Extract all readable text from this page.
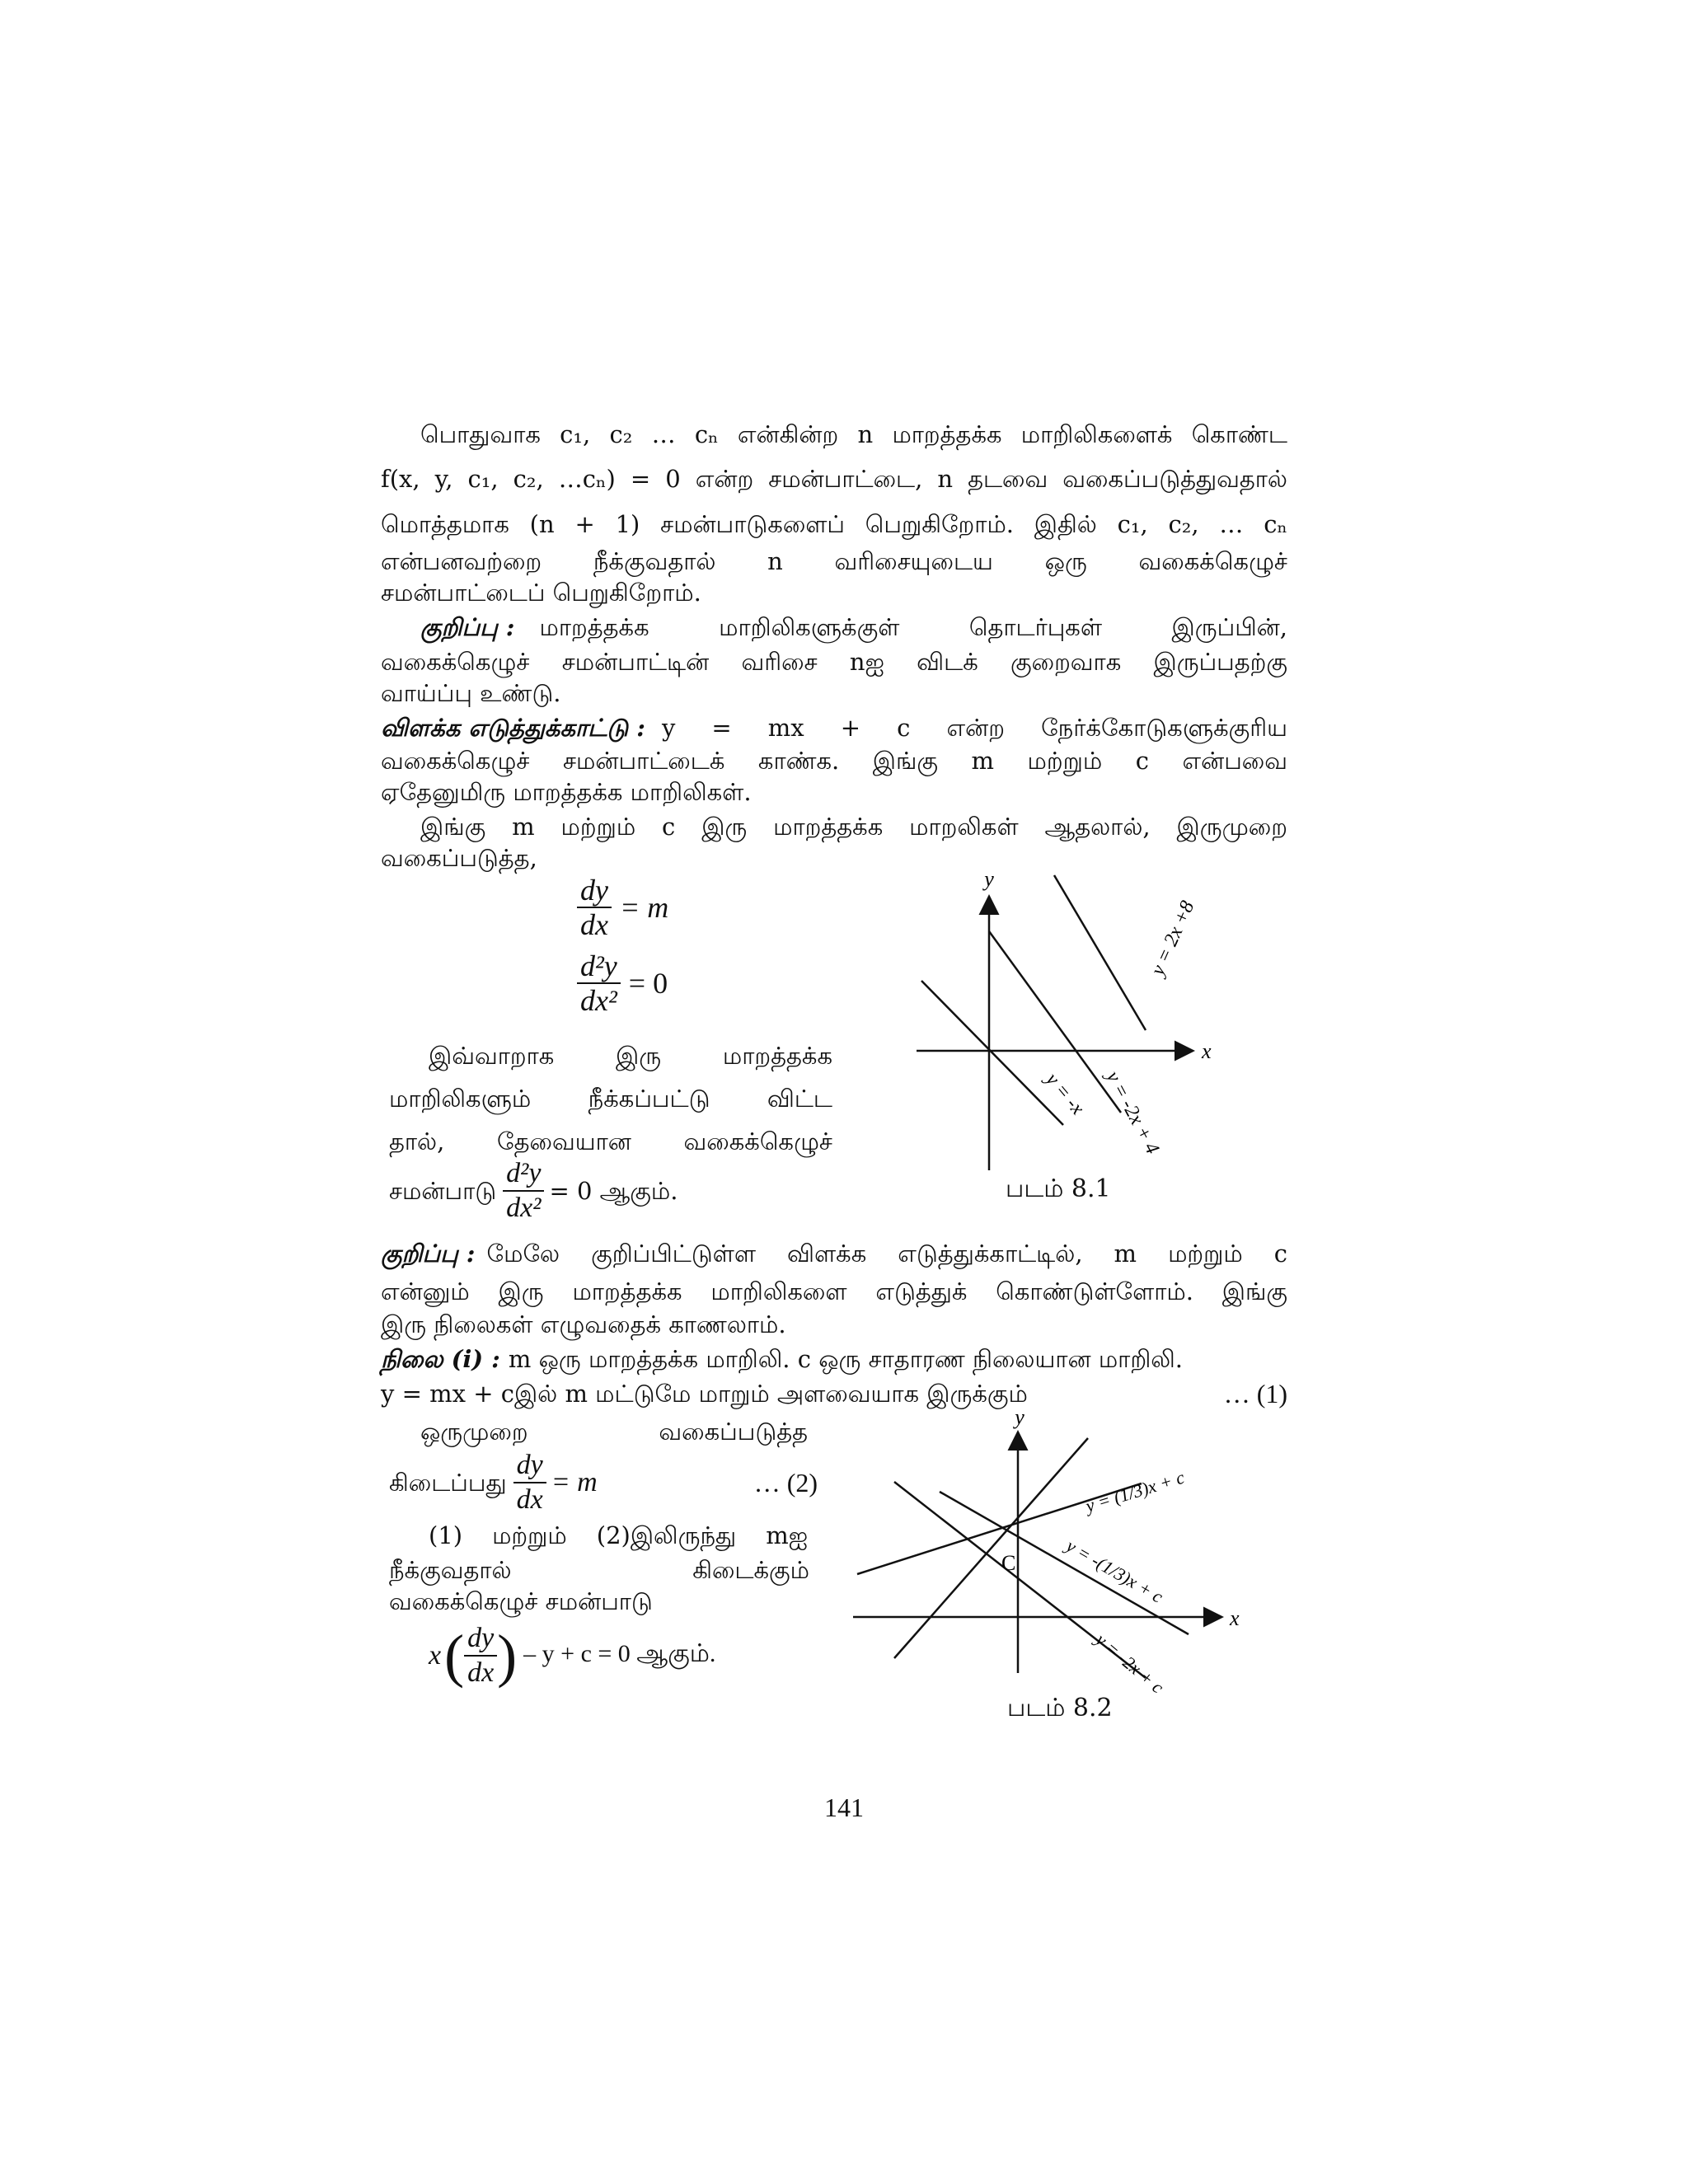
பொதுவாக c₁, c₂ … cₙ என்கின்ற n மாறத்தக்க மாறிலிகளைக் கொண்ட
f(x, y, c₁, c₂, …cₙ) = 0 என்ற சமன்பாட்டை, n தடவை வகைப்படுத்துவதால்
மொத்தமாக (n + 1) சமன்பாடுகளைப் பெறுகிறோம். இதில் c₁, c₂, … cₙ
என்பனவற்றை நீக்குவதால் n வரிசையுடைய ஒரு வகைக்கெழுச்
சமன்பாட்டைப் பெறுகிறோம்.
குறிப்பு : மாறத்தக்க மாறிலிகளுக்குள் தொடர்புகள் இருப்பின்,
வகைக்கெழுச் சமன்பாட்டின் வரிசை nஐ விடக் குறைவாக இருப்பதற்கு
வாய்ப்பு உண்டு.
விளக்க எடுத்துக்காட்டு : y = mx + c என்ற நேர்க்கோடுகளுக்குரிய
வகைக்கெழுச் சமன்பாட்டைக் காண்க. இங்கு m மற்றும் c என்பவை
ஏதேனுமிரு மாறத்தக்க மாறிலிகள்.
இங்கு m மற்றும் c இரு மாறத்தக்க மாறலிகள் ஆதலால், இருமுறை
வகைப்படுத்த,
$\frac{dy}{dx} = m$
$\frac{\text{d²y}}{\text{dx²}} = 0$
இவ்வாறாக இரு மாறத்தக்க
மாறிலிகளும் நீக்கப்பட்டு விட்ட
தால், தேவையான வகைக்கெழுச்
சமன்பாடு $\frac{\text{d²y}}{\text{dx²}} = 0$ ஆகும்.
y
x
y = 2x +8
y = -2x + 4
y = -x
படம் 8.1
குறிப்பு : மேலே குறிப்பிட்டுள்ள விளக்க எடுத்துக்காட்டில், m மற்றும் c
என்னும் இரு மாறத்தக்க மாறிலிகளை எடுத்துக் கொண்டுள்ளோம். இங்கு
இரு நிலைகள் எழுவதைக் காணலாம்.
நிலை (i) : m ஒரு மாறத்தக்க மாறிலி. c ஒரு சாதாரண நிலையான மாறிலி.
y = mx + cஇல் m மட்டுமே மாறும் அளவையாக இருக்கும்	… (1)
ஒருமுறை	வகைப்படுத்த
கிடைப்பது $\frac{dy}{dx} = m$	… (2)
(1) மற்றும் (2)இலிருந்து mஐ
நீக்குவதால்	கிடைக்கும்
வகைக்கெழுச் சமன்பாடு
x ( $\frac{dy}{dx}$ ) – y + c = 0 ஆகும்.
y
x
C
y = (1/3)x + c
y = -(1/3)x + c
y = -2x + c
படம் 8.2
141
